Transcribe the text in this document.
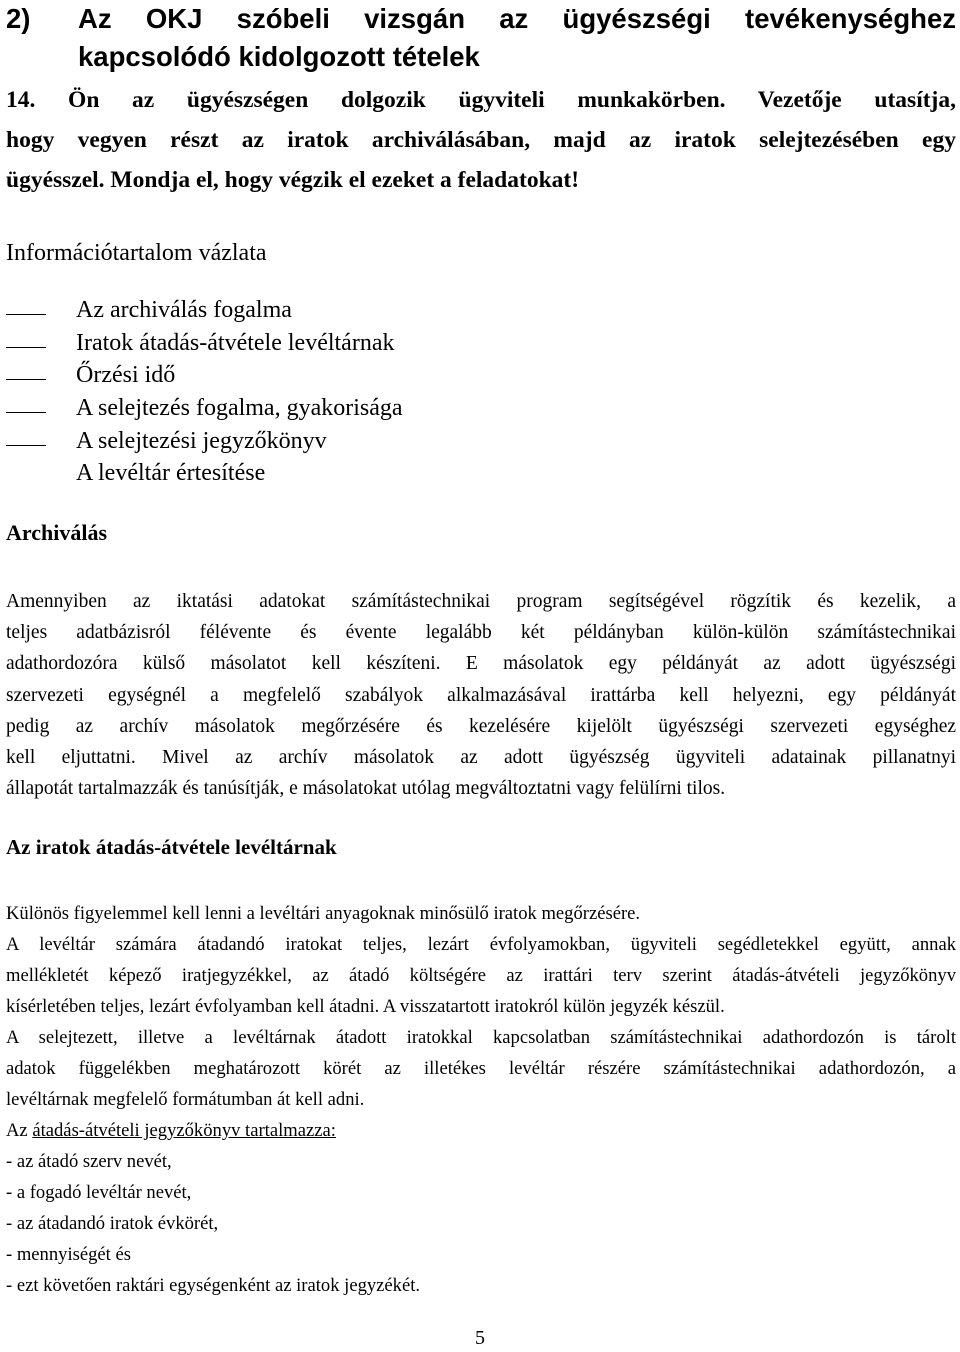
2) Az OKJ szóbeli vizsgán az ügyészségi tevékenységhez
kapcsolódó kidolgozott tételek
14. Ön az ügyészségen dolgozik ügyviteli munkakörben. Vezetője utasítja,
hogy vegyen részt az iratok archiválásában, majd az iratok selejtezésében egy
ügyésszel. Mondja el, hogy végzik el ezeket a feladatokat!
Információtartalom vázlata
Az archiválás fogalma
Iratok átadás-átvétele levéltárnak
Őrzési idő
A selejtezés fogalma, gyakorisága
A selejtezési jegyzőkönyv
A levéltár értesítése
Archiválás
Amennyiben az iktatási adatokat számítástechnikai program segítségével rögzítik és kezelik, a
teljes adatbázisról félévente és évente legalább két példányban külön-külön számítástechnikai
adathordozóra külső másolatot kell készíteni. E másolatok egy példányát az adott ügyészségi
szervezeti egységnél a megfelelő szabályok alkalmazásával irattárba kell helyezni, egy példányát
pedig az archív másolatok megőrzésére és kezelésére kijelölt ügyészségi szervezeti egységhez
kell eljuttatni. Mivel az archív másolatok az adott ügyészség ügyviteli adatainak pillanatnyi
állapotát tartalmazzák és tanúsítják, e másolatokat utólag megváltoztatni vagy felülírni tilos.
Az iratok átadás-átvétele levéltárnak
Különös figyelemmel kell lenni a levéltári anyagoknak minősülő iratok megőrzésére.
A levéltár számára átadandó iratokat teljes, lezárt évfolyamokban, ügyviteli segédletekkel együtt, annak
mellékletét képező iratjegyzékkel, az átadó költségére az irattári terv szerint átadás-átvételi jegyzőkönyv
kísérletében teljes, lezárt évfolyamban kell átadni. A visszatartott iratokról külön jegyzék készül.
A selejtezett, illetve a levéltárnak átadott iratokkal kapcsolatban számítástechnikai adathordozón is tárolt
adatok függelékben meghatározott körét az illetékes levéltár részére számítástechnikai adathordozón, a
levéltárnak megfelelő formátumban át kell adni.
Az átadás-átvételi jegyzőkönyv tartalmazza:
- az átadó szerv nevét,
- a fogadó levéltár nevét,
- az átadandó iratok évkörét,
- mennyiségét és
- ezt követően raktári egységenként az iratok jegyzékét.
5
